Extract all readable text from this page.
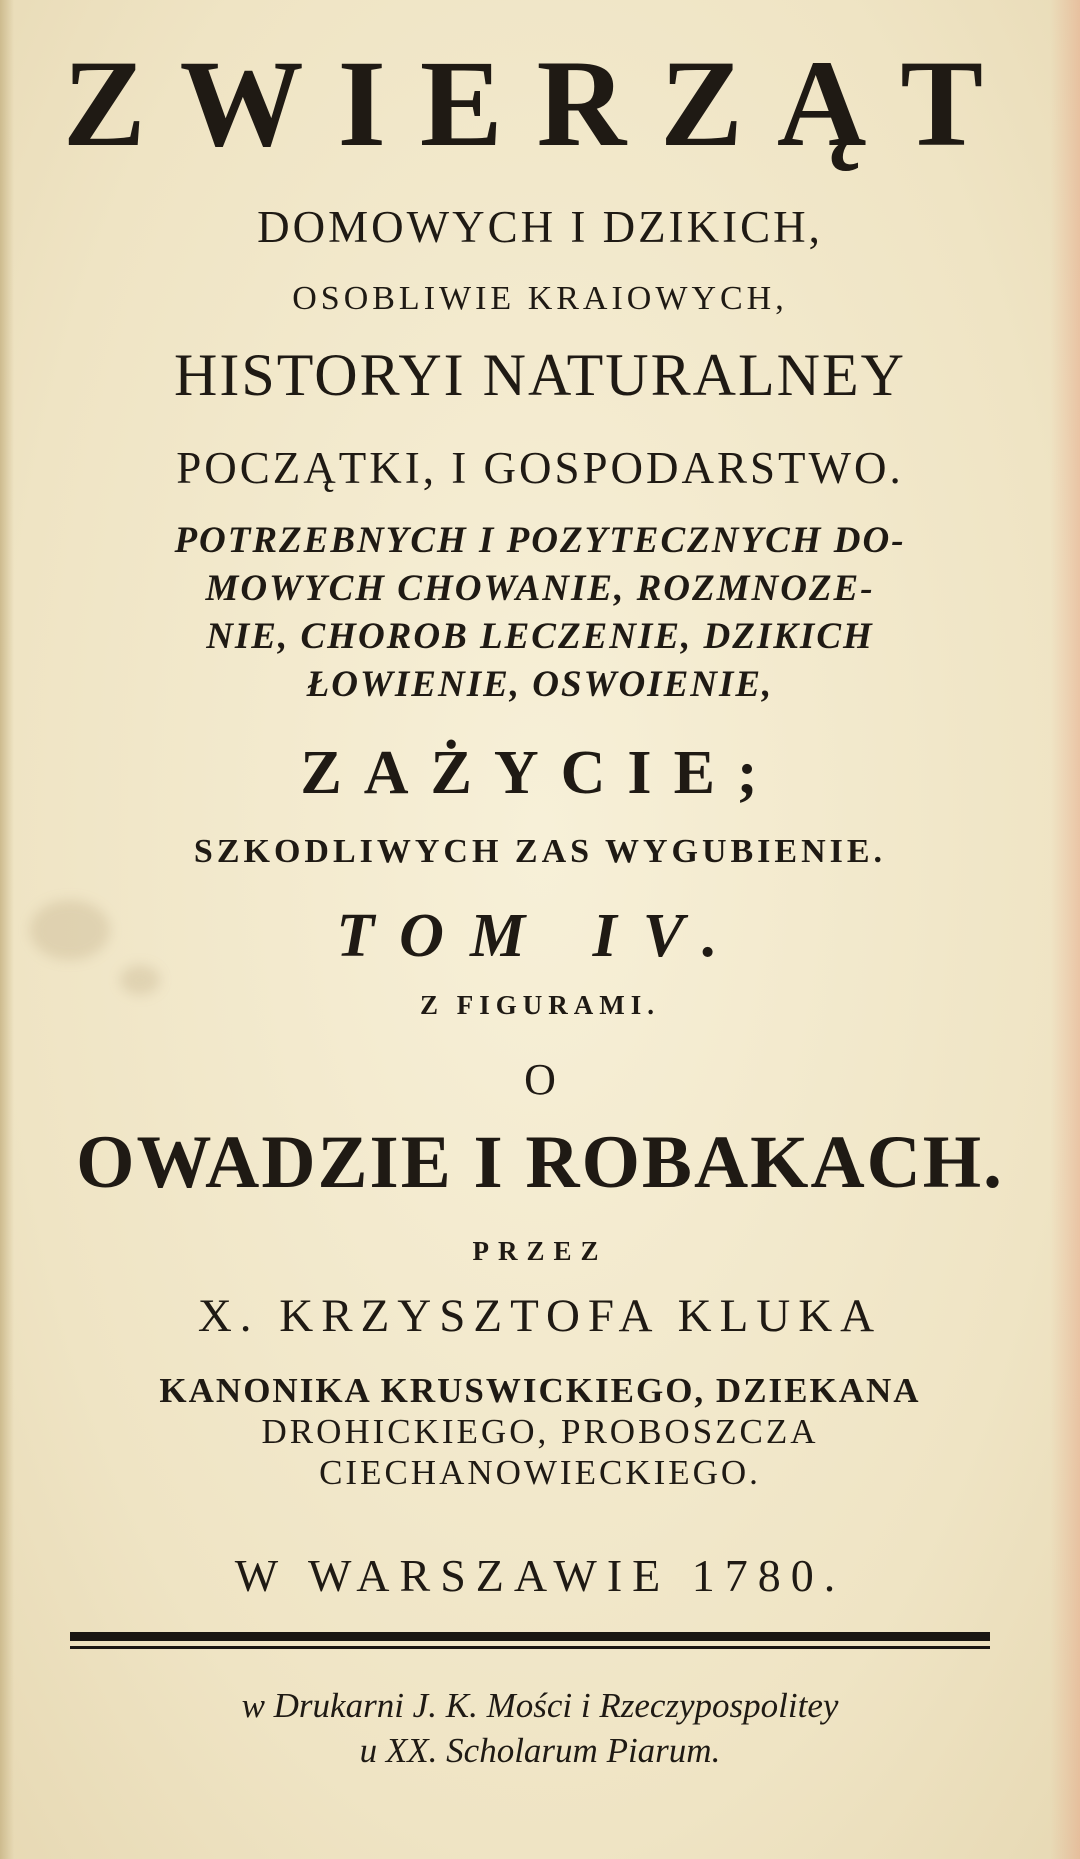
ZWIERZĄT

DOMOWYCH I DZIKICH,

OSOBLIWIE KRAIOWYCH,

HISTORYI NATURALNEY

POCZĄTKI, I GOSPODARSTWO.

POTRZEBNYCH I POZYTECZNYCH DO-

MOWYCH CHOWANIE, ROZMNOZE-

NIE, CHOROB LECZENIE, DZIKICH

ŁOWIENIE, OSWOIENIE,

ZAŻYCIE;

SZKODLIWYCH ZAS WYGUBIENIE.

TOM IV.

Z FIGURAMI.

O

OWADZIE I ROBAKACH.

PRZEZ

X. KRZYSZTOFA KLUKA

KANONIKA KRUSWICKIEGO, DZIEKANA

DROHICKIEGO, PROBOSZCZA

CIECHANOWIECKIEGO.

W WARSZAWIE 1780.

w Drukarni J. K. Mości i Rzeczypospolitey

u XX. Scholarum Piarum.
